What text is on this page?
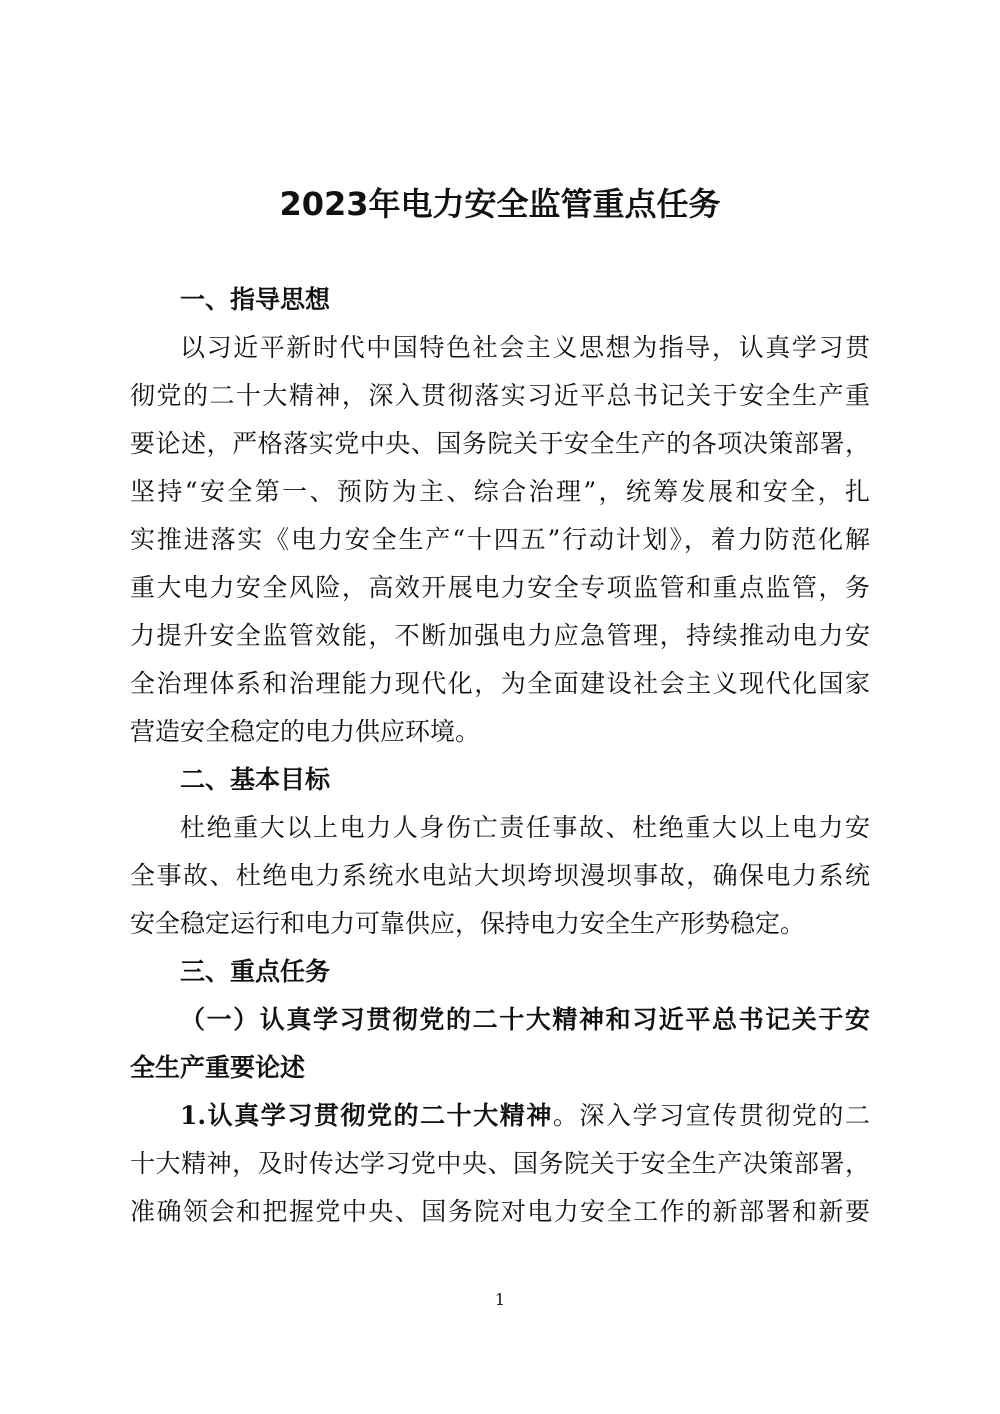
2023年电力安全监管重点任务
一、指导思想
以习近平新时代中国特色社会主义思想为指导，认真学习贯
彻党的二十大精神，深入贯彻落实习近平总书记关于安全生产重
要论述，严格落实党中央、国务院关于安全生产的各项决策部署，
坚持“安全第一、预防为主、综合治理”，统筹发展和安全，扎
实推进落实《电力安全生产“十四五”行动计划》，着力防范化解
重大电力安全风险，高效开展电力安全专项监管和重点监管，务
力提升安全监管效能，不断加强电力应急管理，持续推动电力安
全治理体系和治理能力现代化，为全面建设社会主义现代化国家
营造安全稳定的电力供应环境。
二、基本目标
杜绝重大以上电力人身伤亡责任事故、杜绝重大以上电力安
全事故、杜绝电力系统水电站大坝垮坝漫坝事故，确保电力系统
安全稳定运行和电力可靠供应，保持电力安全生产形势稳定。
三、重点任务
（一）认真学习贯彻党的二十大精神和习近平总书记关于安
全生产重要论述
1.认真学习贯彻党的二十大精神。深入学习宣传贯彻党的二
十大精神，及时传达学习党中央、国务院关于安全生产决策部署，
准确领会和把握党中央、国务院对电力安全工作的新部署和新要
1
